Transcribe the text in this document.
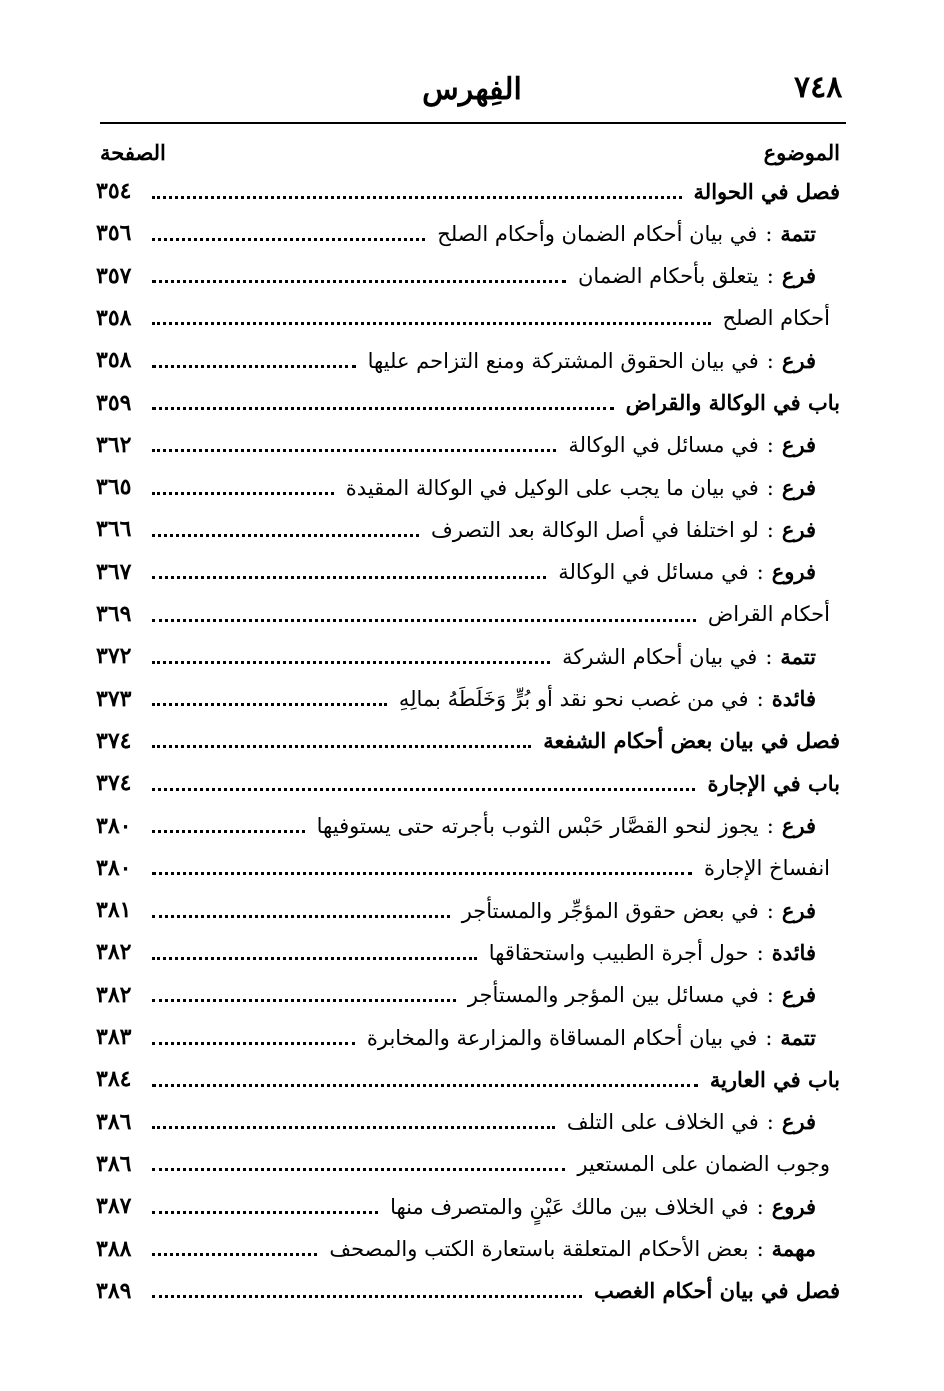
٧٤٨
الفِهرس
الموضوع
الصفحة
فصل في الحوالة
٣٥٤
تتمة:في بيان أحكام الضمان وأحكام الصلح
٣٥٦
فرع:يتعلق بأحكام الضمان
٣٥٧
أحكام الصلح
٣٥٨
فرع:في بيان الحقوق المشتركة ومنع التزاحم عليها
٣٥٨
باب في الوكالة والقراض
٣٥٩
فرع:في مسائل في الوكالة
٣٦٢
فرع:في بيان ما يجب على الوكيل في الوكالة المقيدة
٣٦٥
فرع:لو اختلفا في أصل الوكالة بعد التصرف
٣٦٦
فروع:في مسائل في الوكالة
٣٦٧
أحكام القراض
٣٦٩
تتمة:في بيان أحكام الشركة
٣٧٢
فائدة:في من غصب نحو نقد أو بُرٍّ وَخَلَطَهُ بمالِهِ
٣٧٣
فصل في بيان بعض أحكام الشفعة
٣٧٤
باب في الإجارة
٣٧٤
فرع:يجوز لنحو القصَّار حَبْس الثوب بأجرته حتى يستوفيها
٣٨٠
انفساخ الإجارة
٣٨٠
فرع:في بعض حقوق المؤجِّر والمستأجر
٣٨١
فائدة:حول أجرة الطبيب واستحقاقها
٣٨٢
فرع:في مسائل بين المؤجر والمستأجر
٣٨٢
تتمة:في بيان أحكام المساقاة والمزارعة والمخابرة
٣٨٣
باب في العارية
٣٨٤
فرع:في الخلاف على التلف
٣٨٦
وجوب الضمان على المستعير
٣٨٦
فروع:في الخلاف بين مالك عَيْنٍ والمتصرف منها
٣٨٧
مهمة:بعض الأحكام المتعلقة باستعارة الكتب والمصحف
٣٨٨
فصل في بيان أحكام الغصب
٣٨٩
